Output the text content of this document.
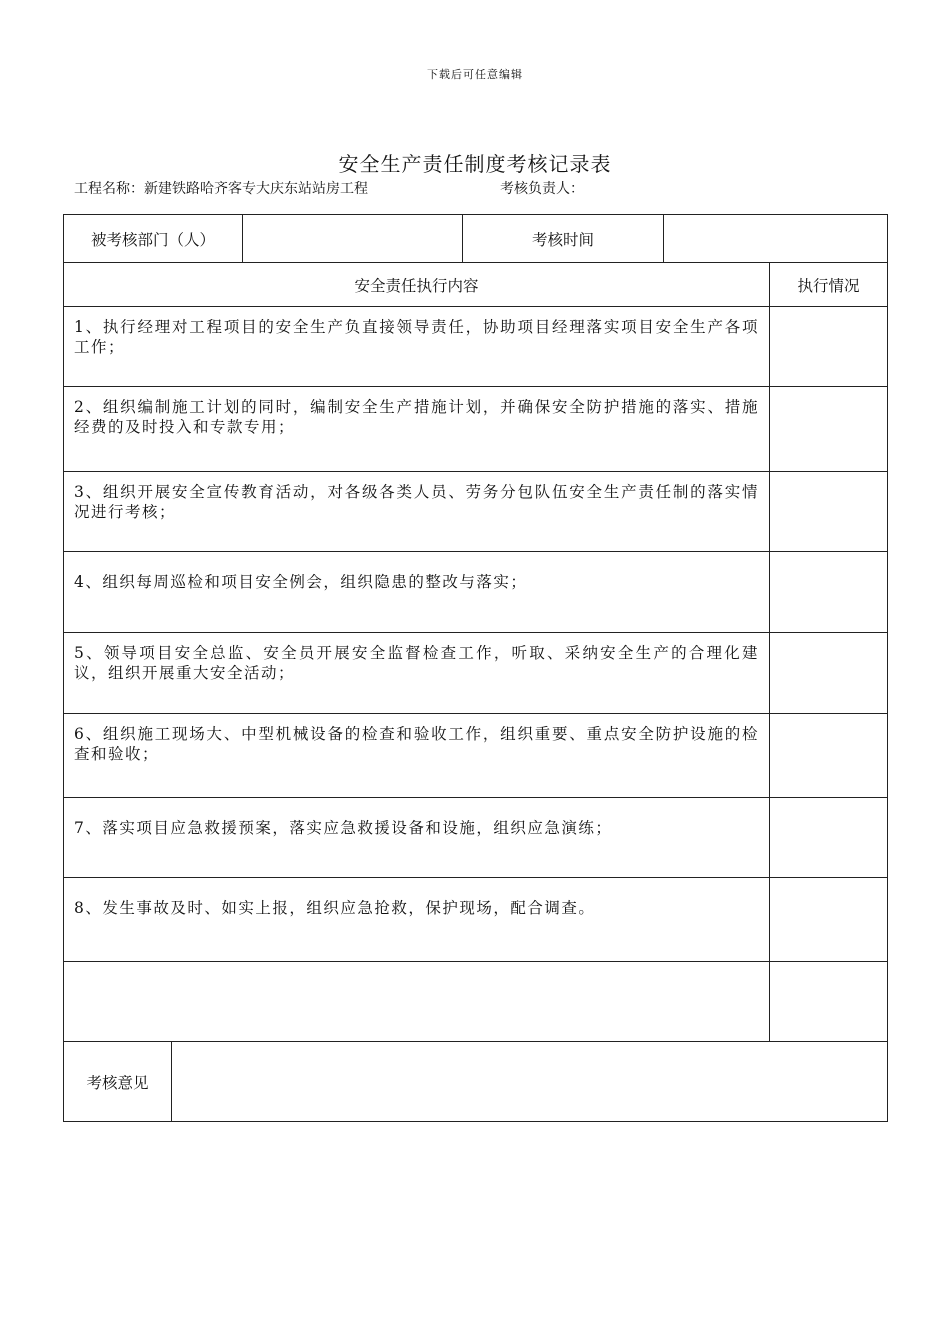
下载后可任意编辑
安全生产责任制度考核记录表
工程名称：新建铁路哈齐客专大庆东站站房工程	考核负责人：
被考核部门（人）			考核时间		
安全责任执行内容					执行情况
1、执行经理对工程项目的安全生产负直接领导责任，协助项目经理落实项目安全生产各项工作；					
2、组织编制施工计划的同时，编制安全生产措施计划，并确保安全防护措施的落实、措施经费的及时投入和专款专用；					
3、组织开展安全宣传教育活动，对各级各类人员、劳务分包队伍安全生产责任制的落实情况进行考核；					
4、组织每周巡检和项目安全例会，组织隐患的整改与落实；					
5、领导项目安全总监、安全员开展安全监督检查工作，听取、采纳安全生产的合理化建议，组织开展重大安全活动；					
6、组织施工现场大、中型机械设备的检查和验收工作，组织重要、重点安全防护设施的检查和验收；					
7、落实项目应急救援预案，落实应急救援设备和设施，组织应急演练；					
8、发生事故及时、如实上报，组织应急抢救，保护现场，配合调查。					

考核意见					
